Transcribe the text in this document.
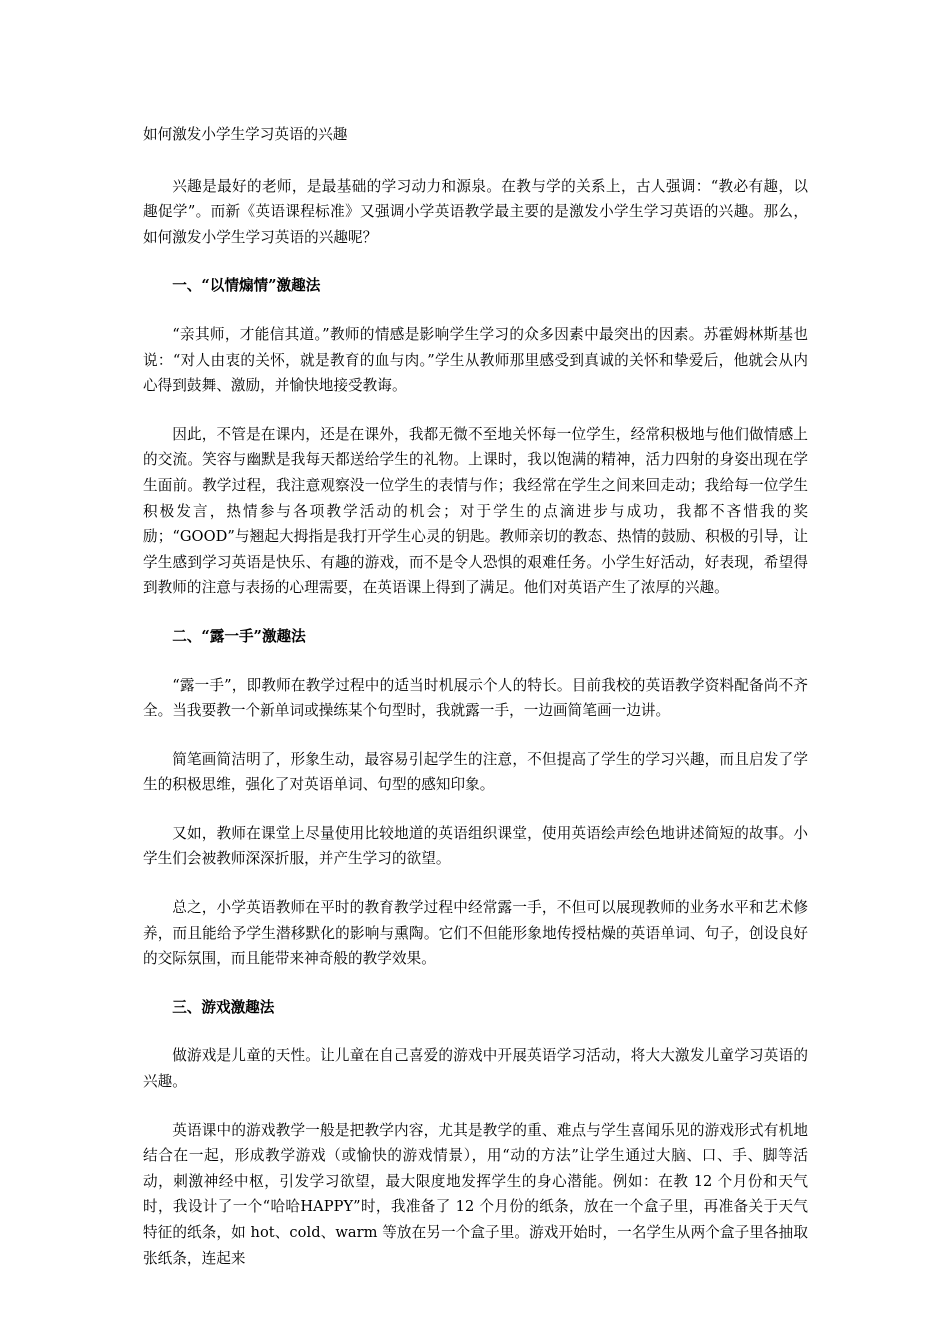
如何激发小学生学习英语的兴趣

兴趣是最好的老师，是最基础的学习动力和源泉。在教与学的关系上，古人强调：“教必有趣，以趣促学”。而新《英语课程标准》又强调小学英语教学最主要的是激发小学生学习英语的兴趣。那么，如何激发小学生学习英语的兴趣呢？

一、“以情煽情”激趣法

“亲其师，才能信其道。”教师的情感是影响学生学习的众多因素中最突出的因素。苏霍姆林斯基也说：“对人由衷的关怀，就是教育的血与肉。”学生从教师那里感受到真诚的关怀和挚爱后，他就会从内心得到鼓舞、激励，并愉快地接受教诲。

因此，不管是在课内，还是在课外，我都无微不至地关怀每一位学生，经常积极地与他们做情感上的交流。笑容与幽默是我每天都送给学生的礼物。上课时，我以饱满的精神，活力四射的身姿出现在学生面前。教学过程，我注意观察没一位学生的表情与作；我经常在学生之间来回走动；我给每一位学生积极发言，热情参与各项教学活动的机会；对于学生的点滴进步与成功，我都不吝惜我的奖励；“GOOD”与翘起大拇指是我打开学生心灵的钥匙。教师亲切的教态、热情的鼓励、积极的引导，让学生感到学习英语是快乐、有趣的游戏，而不是令人恐惧的艰难任务。小学生好活动，好表现，希望得到教师的注意与表扬的心理需要，在英语课上得到了满足。他们对英语产生了浓厚的兴趣。

二、“露一手”激趣法

“露一手”，即教师在教学过程中的适当时机展示个人的特长。目前我校的英语教学资料配备尚不齐全。当我要教一个新单词或操练某个句型时，我就露一手，一边画简笔画一边讲。

简笔画简洁明了，形象生动，最容易引起学生的注意，不但提高了学生的学习兴趣，而且启发了学生的积极思维，强化了对英语单词、句型的感知印象。

又如，教师在课堂上尽量使用比较地道的英语组织课堂，使用英语绘声绘色地讲述简短的故事。小学生们会被教师深深折服，并产生学习的欲望。

总之，小学英语教师在平时的教育教学过程中经常露一手，不但可以展现教师的业务水平和艺术修养，而且能给予学生潜移默化的影响与熏陶。它们不但能形象地传授枯燥的英语单词、句子，创设良好的交际氛围，而且能带来神奇般的教学效果。

三、游戏激趣法

做游戏是儿童的天性。让儿童在自己喜爱的游戏中开展英语学习活动，将大大激发儿童学习英语的兴趣。

英语课中的游戏教学一般是把教学内容，尤其是教学的重、难点与学生喜闻乐见的游戏形式有机地结合在一起，形成教学游戏（或愉快的游戏情景），用“动的方法”让学生通过大脑、口、手、脚等活动，刺激神经中枢，引发学习欲望，最大限度地发挥学生的身心潜能。例如：在教 12 个月份和天气时，我设计了一个“哈哈HAPPY”时，我准备了 12 个月份的纸条，放在一个盒子里，再准备关于天气特征的纸条，如 hot、cold、warm 等放在另一个盒子里。游戏开始时，一名学生从两个盒子里各抽取张纸条，连起来
